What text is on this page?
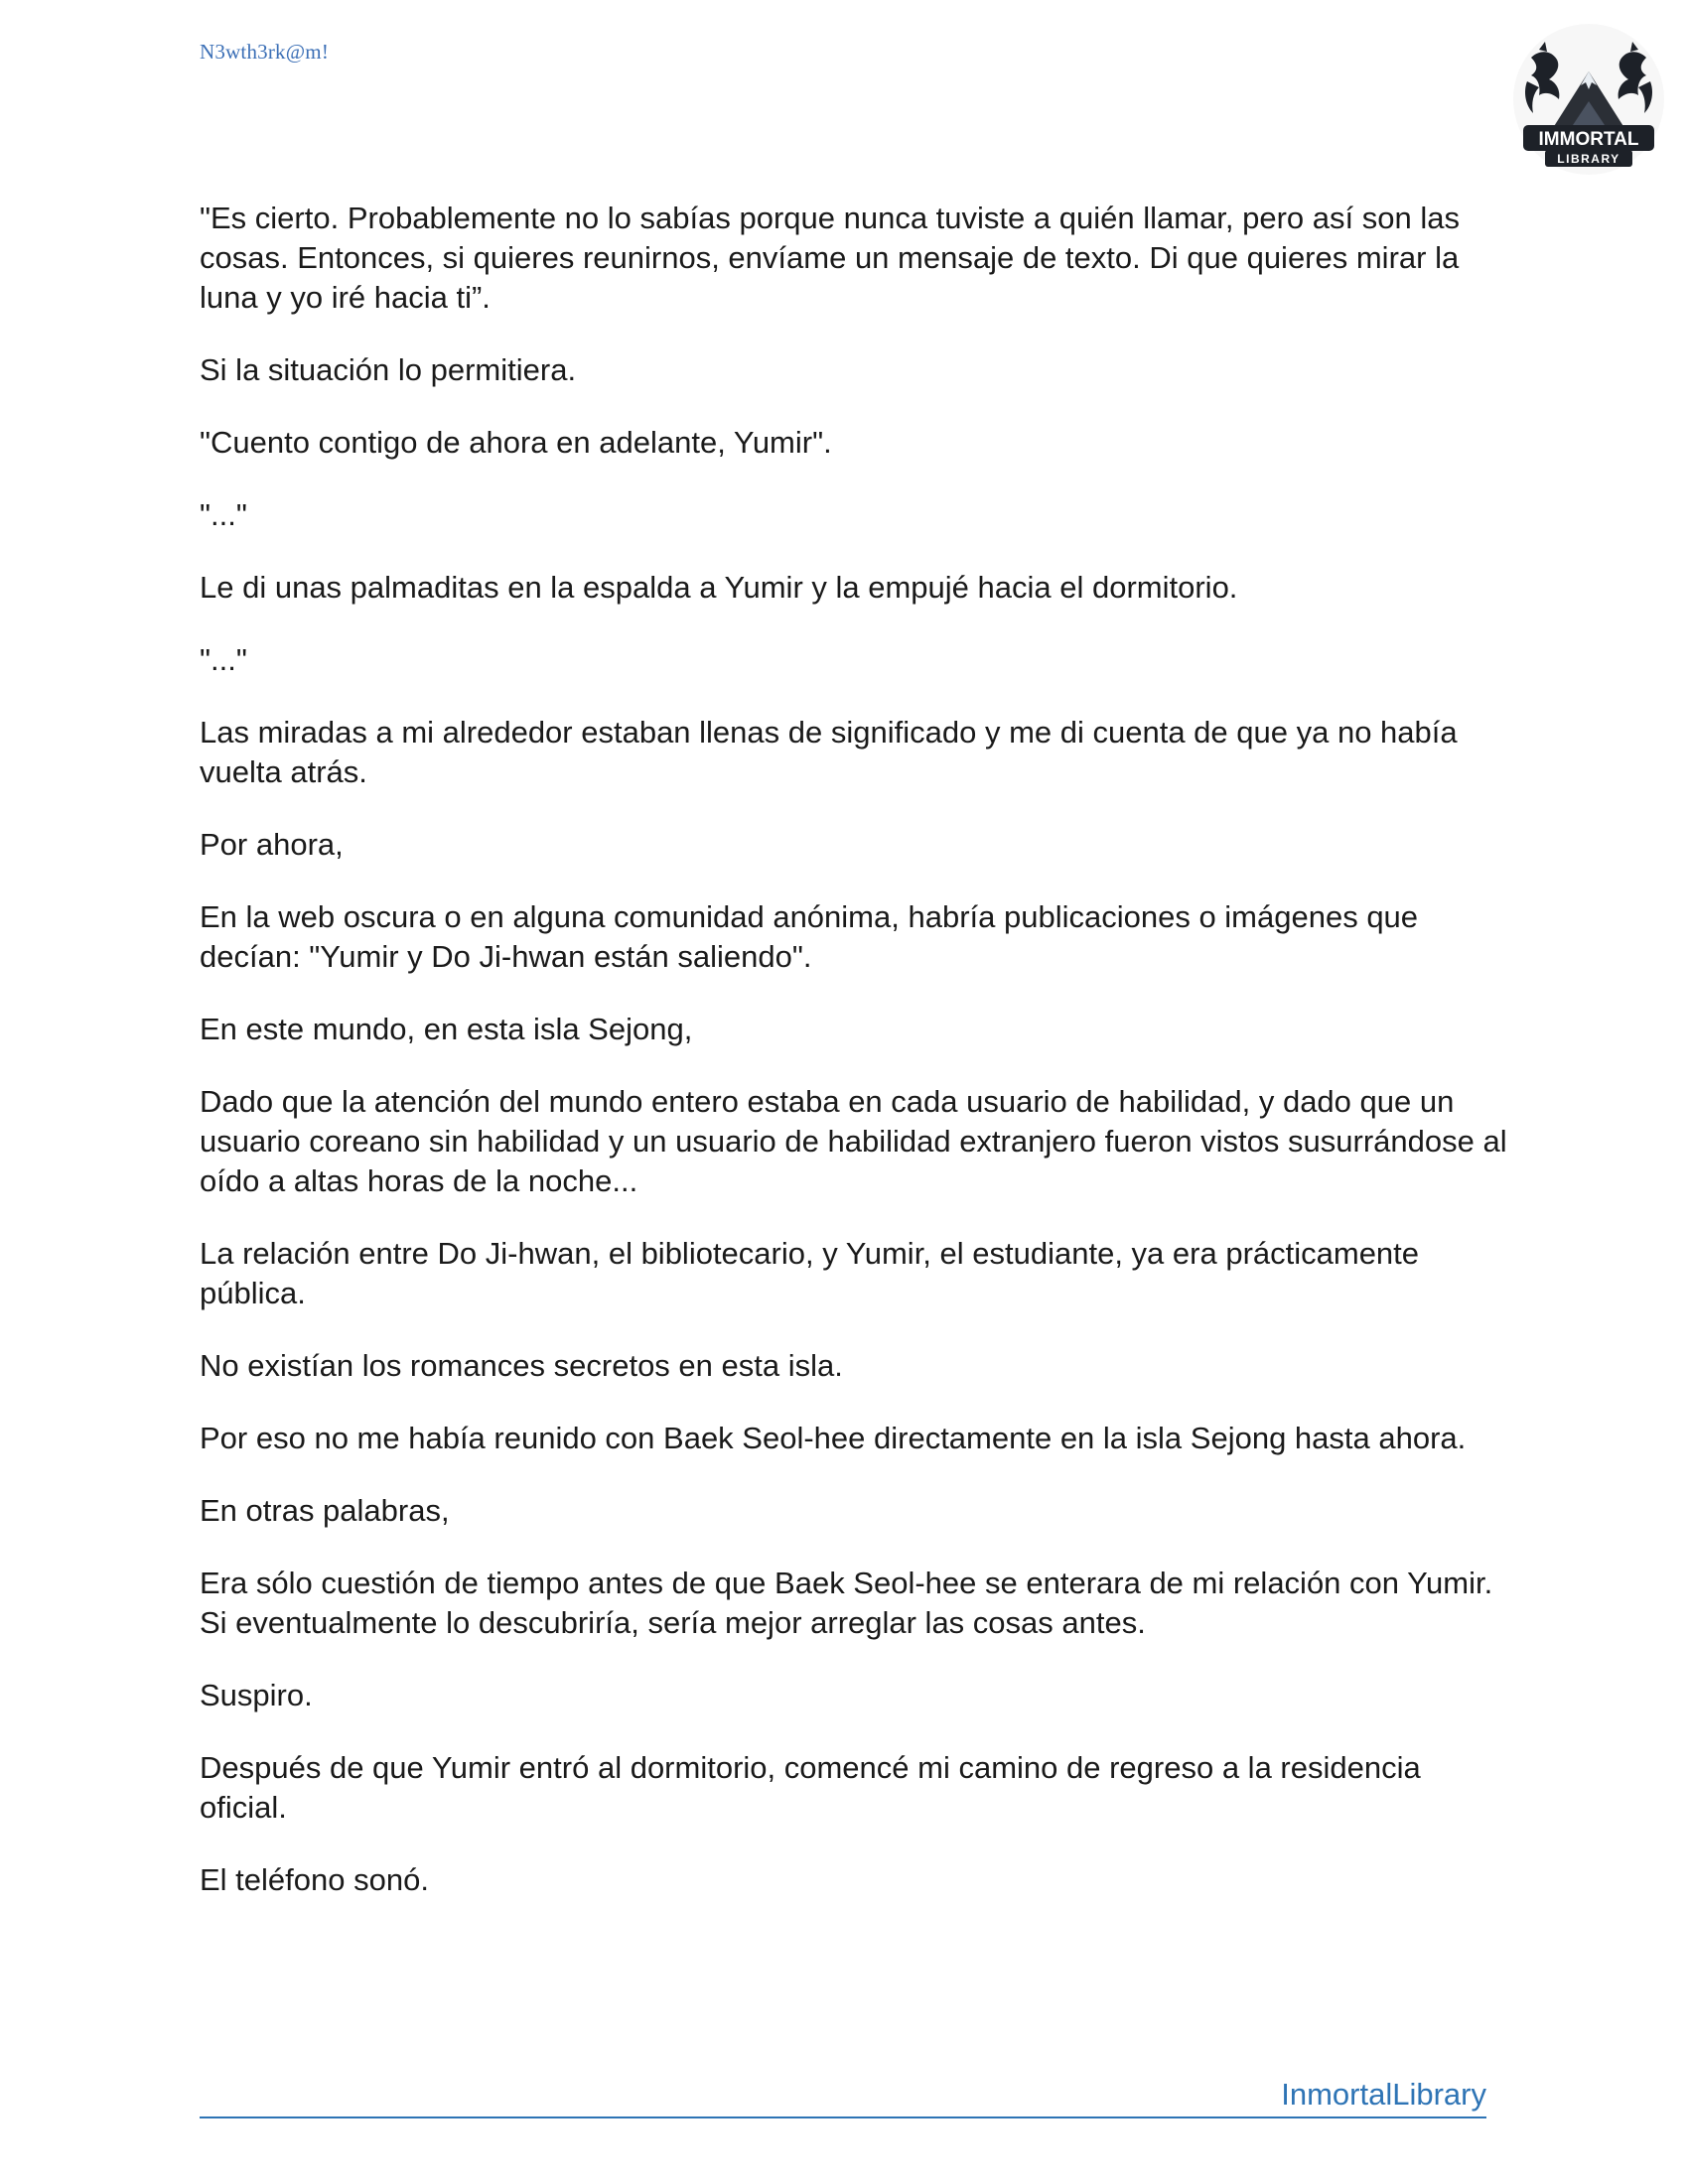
N3wth3rk@m!
IMMORTAL
LIBRARY

"Es cierto. Probablemente no lo sabías porque nunca tuviste a quién llamar, pero así son las cosas. Entonces, si quieres reunirnos, envíame un mensaje de texto. Di que quieres mirar la luna y yo iré hacia ti”.

Si la situación lo permitiera.

"Cuento contigo de ahora en adelante, Yumir".

"..."

Le di unas palmaditas en la espalda a Yumir y la empujé hacia el dormitorio.

"..."

Las miradas a mi alrededor estaban llenas de significado y me di cuenta de que ya no había vuelta atrás.

Por ahora,

En la web oscura o en alguna comunidad anónima, habría publicaciones o imágenes que decían: "Yumir y Do Ji-hwan están saliendo".

En este mundo, en esta isla Sejong,

Dado que la atención del mundo entero estaba en cada usuario de habilidad, y dado que un usuario coreano sin habilidad y un usuario de habilidad extranjero fueron vistos susurrándose al oído a altas horas de la noche...

La relación entre Do Ji-hwan, el bibliotecario, y Yumir, el estudiante, ya era prácticamente pública.

No existían los romances secretos en esta isla.

Por eso no me había reunido con Baek Seol-hee directamente en la isla Sejong hasta ahora.

En otras palabras,

Era sólo cuestión de tiempo antes de que Baek Seol-hee se enterara de mi relación con Yumir. Si eventualmente lo descubriría, sería mejor arreglar las cosas antes.

Suspiro.

Después de que Yumir entró al dormitorio, comencé mi camino de regreso a la residencia oficial.

El teléfono sonó.

InmortalLibrary
